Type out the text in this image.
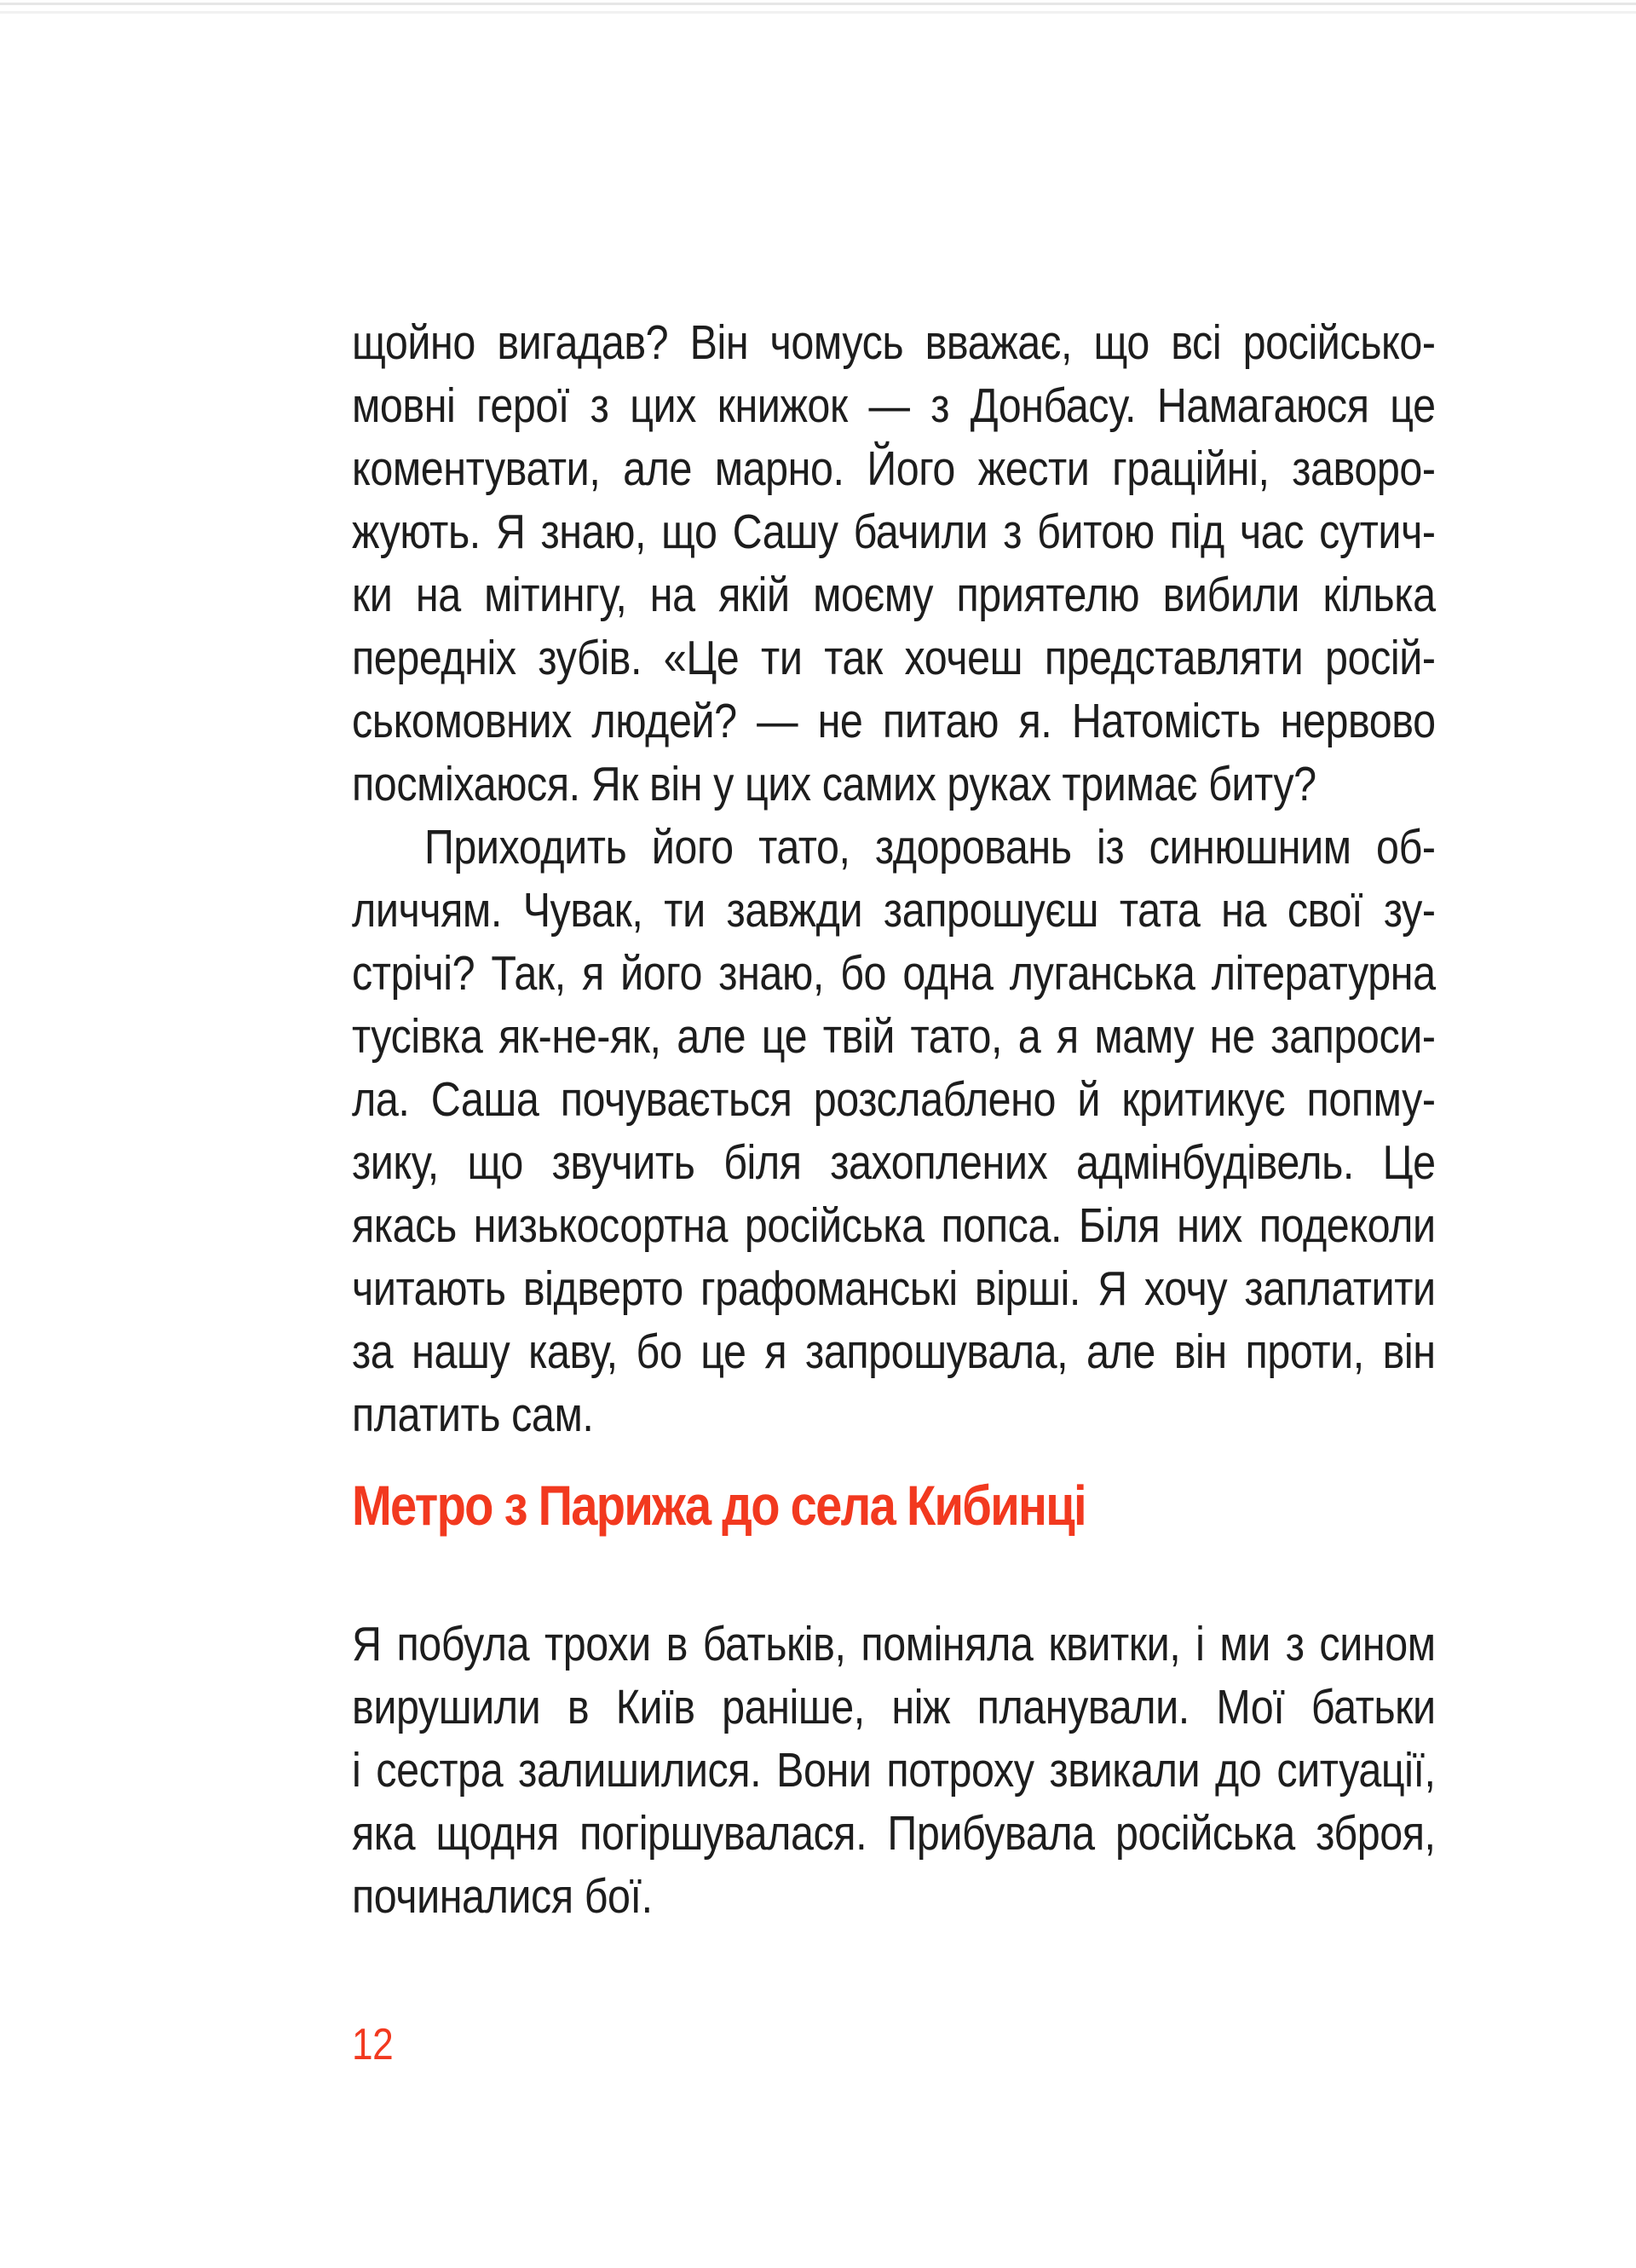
щойно вигадав? Він чомусь вважає, що всі російсько-
мовні герої з цих книжок — з Донбасу. Намагаюся це
коментувати, але марно. Його жести граційні, заворо-
жують. Я знаю, що Сашу бачили з битою під час сутич-
ки на мітингу, на якій моєму приятелю вибили кілька
передніх зубів. «Це ти так хочеш представляти росій-
ськомовних людей? — не питаю я. Натомість нервово
посміхаюся. Як він у цих самих руках тримає биту?

Приходить його тато, здоровань із синюшним об-
личчям. Чувак, ти завжди запрошуєш тата на свої зу-
стрічі? Так, я його знаю, бо одна луганська літературна
тусівка як-не-як, але це твій тато, а я маму не запроси-
ла. Саша почувається розслаблено й критикує попму-
зику, що звучить біля захоплених адмінбудівель. Це
якась низькосортна російська попса. Біля них подеколи
читають відверто графоманські вірші. Я хочу заплатити
за нашу каву, бо це я запрошувала, але він проти, він
платить сам.

Метро з Парижа до села Кибинці

Я побула трохи в батьків, поміняла квитки, і ми з сином
вирушили в Київ раніше, ніж планували. Мої батьки
і сестра залишилися. Вони потроху звикали до ситуації,
яка щодня погіршувалася. Прибувала російська зброя,
починалися бої.

12
